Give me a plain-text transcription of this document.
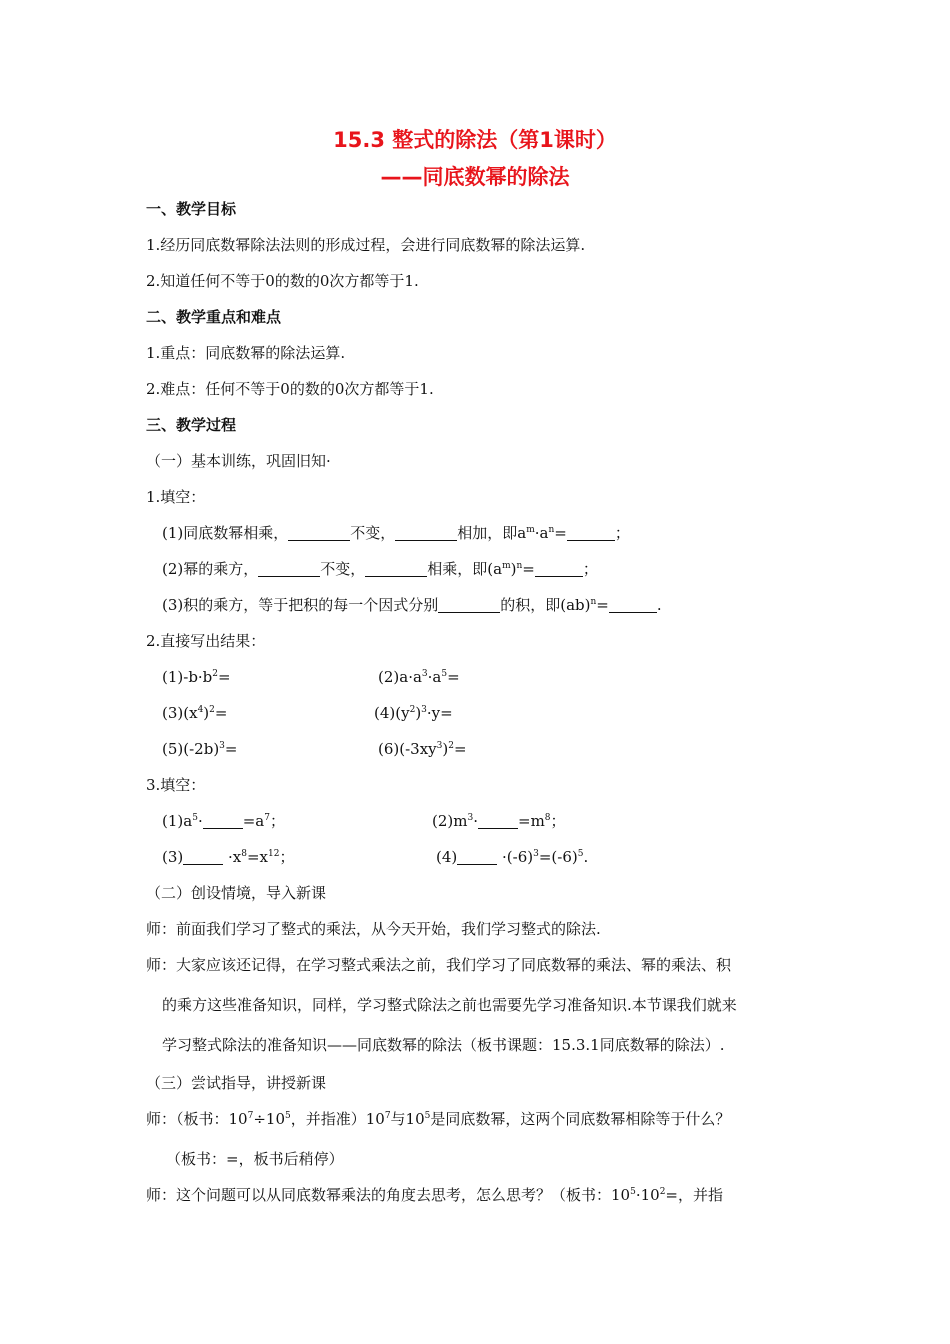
15.3 整式的除法（第1课时）
——同底数幂的除法
一、教学目标
1.经历同底数幂除法法则的形成过程，会进行同底数幂的除法运算.
2.知道任何不等于0的数的0次方都等于1.
二、教学重点和难点
1.重点：同底数幂的除法运算.
2.难点：任何不等于0的数的0次方都等于1.
三、教学过程
（一）基本训练，巩固旧知·
1.填空：
(1)同底数幂相乘，	不变，	相加，即$a^m\cdot a^n=$	；
(2)幂的乘方，	不变，	相乘，即$(a^m)^n=$	；
(3)积的乘方，等于把积的每一个因式分别	的积，即(ab)$^n$=	.
2.直接写出结果：
$(1)-b\cdot b^2=$	$(2)a\cdot a^3\cdot a^5=$
$(3)(x^4)^2=$	$(4)(y^2)^3\cdot y=$
$(5)(-2b)^3=$	$(6)(-3xy^3)^2=$
3.填空：
$(1)a^5\cdot$	$=a^7$；	$(2)m^3\cdot$	$=m^8$；
(3)	$\cdot x^8=x^{12}$；	(4)	$\cdot(-6)^3=(-6)^5$.
（二）创设情境，导入新课
师：前面我们学习了整式的乘法，从今天开始，我们学习整式的除法.
师：大家应该还记得，在学习整式乘法之前，我们学习了同底数幂的乘法、幂的乘法、积
的乘方这些准备知识，同样，学习整式除法之前也需要先学习准备知识.本节课我们就来
学习整式除法的准备知识——同底数幂的除法（板书课题：15.3.1同底数幂的除法）.
（三）尝试指导，讲授新课
师：（板书：$10^7\div 10^5$，并指准）$10^7$与$10^5$是同底数幂，这两个同底数幂相除等于什么？
（板书：=，板书后稍停）
师：这个问题可以从同底数幂乘法的角度去思考，怎么思考？（板书：$10^5\cdot 10^2=$，并指
